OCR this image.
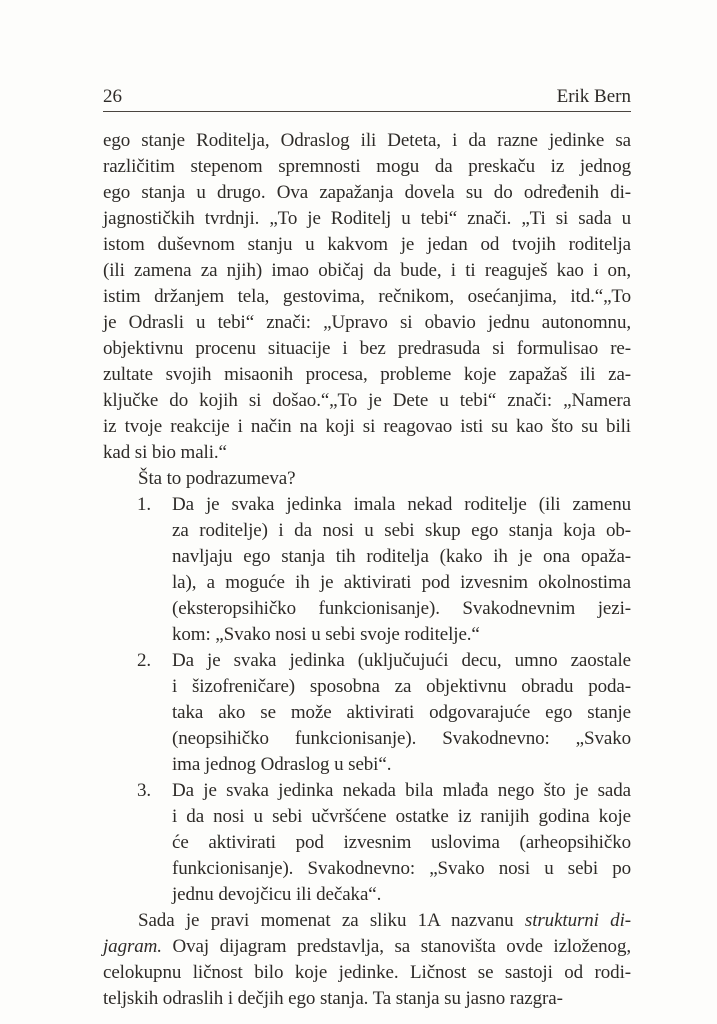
26	Erik Bern
ego stanje Roditelja, Odraslog ili Deteta, i da razne jedinke sa
različitim stepenom spremnosti mogu da preskaču iz jednog
ego stanja u drugo. Ova zapažanja dovela su do određenih di-
jagnostičkih tvrdnji. „To je Roditelj u tebi“ znači. „Ti si sada u
istom duševnom stanju u kakvom je jedan od tvojih roditelja
(ili zamena za njih) imao običaj da bude, i ti reaguješ kao i on,
istim držanjem tela, gestovima, rečnikom, osećanjima, itd.“„To
je Odrasli u tebi“ znači: „Upravo si obavio jednu autonomnu,
objektivnu procenu situacije i bez predrasuda si formulisao re-
zultate svojih misaonih procesa, probleme koje zapažaš ili za-
ključke do kojih si došao.“„To je Dete u tebi“ znači: „Namera
iz tvoje reakcije i način na koji si reagovao isti su kao što su bili
kad si bio mali.“
Šta to podrazumeva?
1.	Da je svaka jedinka imala nekad roditelje (ili zamenu
za roditelje) i da nosi u sebi skup ego stanja koja ob-
navljaju ego stanja tih roditelja (kako ih je ona opaža-
la), a moguće ih je aktivirati pod izvesnim okolnostima
(eksteropsihičko funkcionisanje). Svakodnevnim jezi-
kom: „Svako nosi u sebi svoje roditelje.“
2.	Da je svaka jedinka (uključujući decu, umno zaostale
i šizofreničare) sposobna za objektivnu obradu poda-
taka ako se može aktivirati odgovarajuće ego stanje
(neopsihičko funkcionisanje). Svakodnevno: „Svako
ima jednog Odraslog u sebi“.
3.	Da je svaka jedinka nekada bila mlađa nego što je sada
i da nosi u sebi učvršćene ostatke iz ranijih godina koje
će aktivirati pod izvesnim uslovima (arheopsihičko
funkcionisanje). Svakodnevno: „Svako nosi u sebi po
jednu devojčicu ili dečaka“.
Sada je pravi momenat za sliku 1A nazvanu strukturni di-
jagram. Ovaj dijagram predstavlja, sa stanovišta ovde izloženog,
celokupnu ličnost bilo koje jedinke. Ličnost se sastoji od rodi-
teljskih odraslih i dečjih ego stanja. Ta stanja su jasno razgra-
